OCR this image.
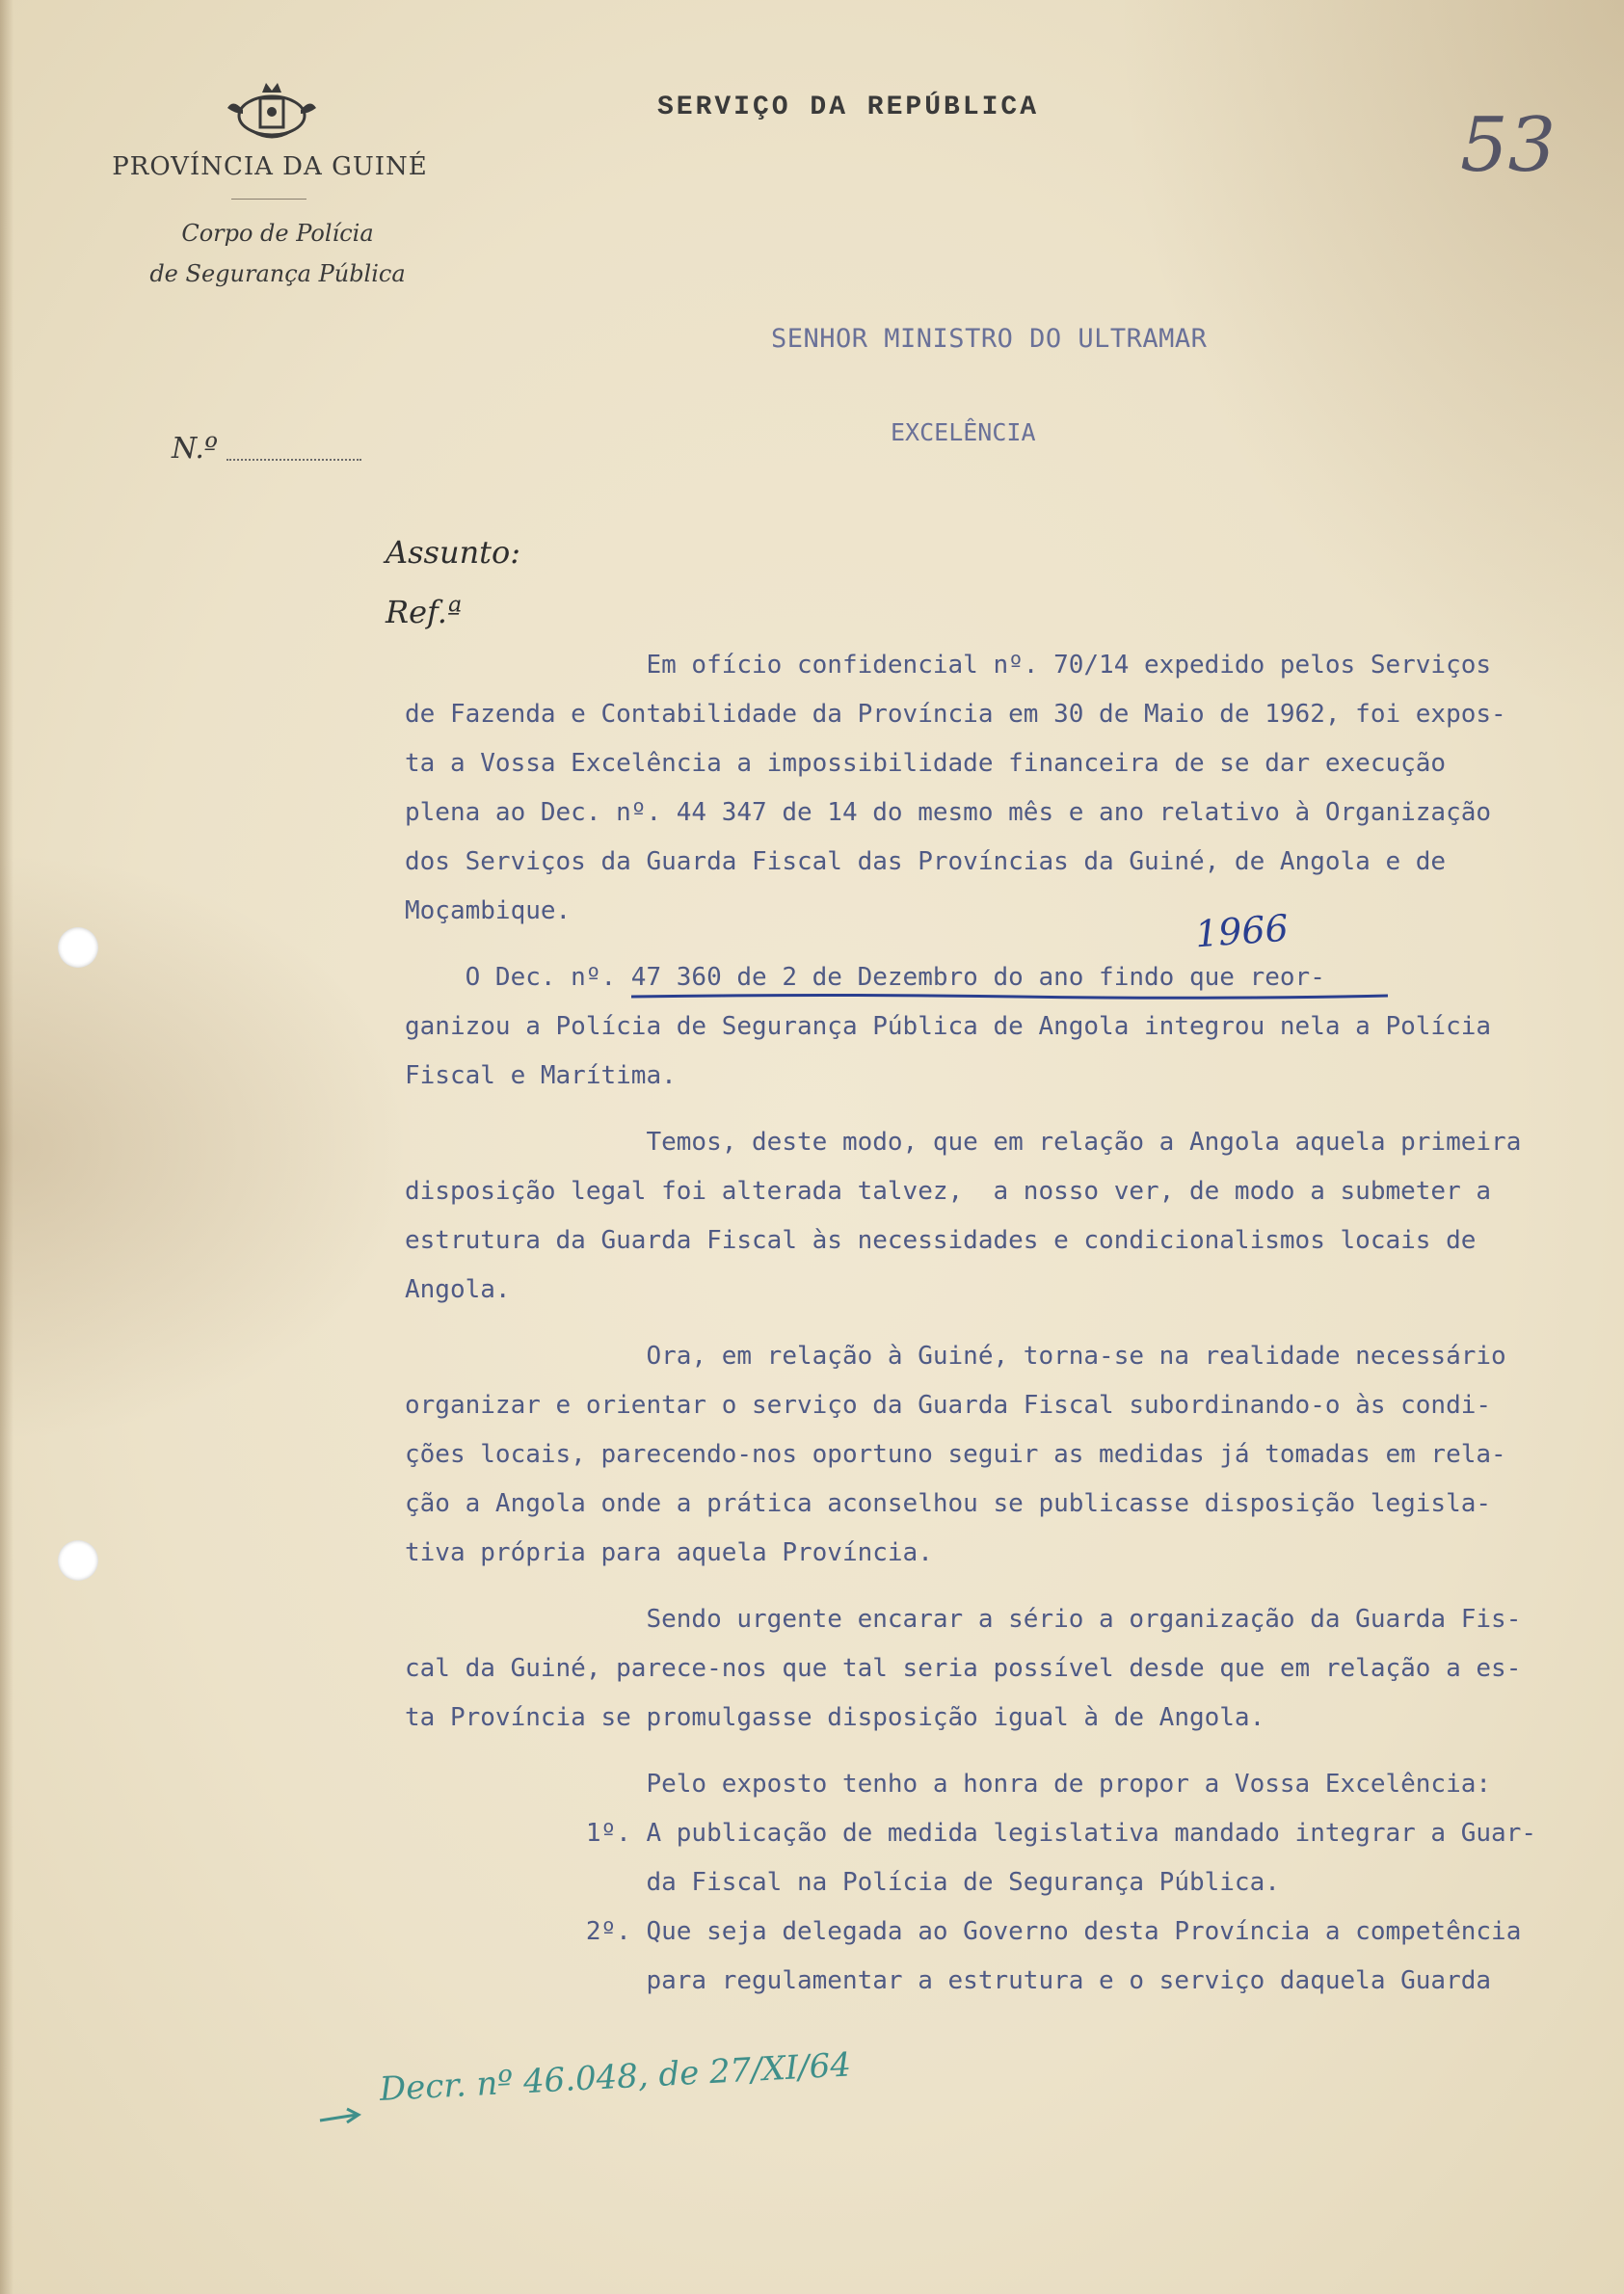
PROVÍNCIA DA GUINÉ
Corpo de Polícia
de Segurança Pública
SERVIÇO DA REPÚBLICA	53
SENHOR MINISTRO DO ULTRAMAR
EXCELÊNCIA
N.º
Assunto:
Ref.ª
1966
Em ofício confidencial nº. 70/14 expedido pelos Serviços
de Fazenda e Contabilidade da Província em 30 de Maio de 1962, foi expos-
ta a Vossa Excelência a impossibilidade financeira de se dar execução
plena ao Dec. nº. 44 347 de 14 do mesmo mês e ano relativo à Organização
dos Serviços da Guarda Fiscal das Províncias da Guiné, de Angola e de
Moçambique.
O Dec. nº. 47 360 de 2 de Dezembro do ano findo que reor-
ganizou a Polícia de Segurança Pública de Angola integrou nela a Polícia
Fiscal e Marítima.
Temos, deste modo, que em relação a Angola aquela primeira
disposição legal foi alterada talvez,  a nosso ver, de modo a submeter a
estrutura da Guarda Fiscal às necessidades e condicionalismos locais de
Angola.
Ora, em relação à Guiné, torna-se na realidade necessário
organizar e orientar o serviço da Guarda Fiscal subordinando-o às condi-
ções locais, parecendo-nos oportuno seguir as medidas já tomadas em rela-
ção a Angola onde a prática aconselhou se publicasse disposição legisla-
tiva própria para aquela Província.
Sendo urgente encarar a sério a organização da Guarda Fis-
cal da Guiné, parece-nos que tal seria possível desde que em relação a es-
ta Província se promulgasse disposição igual à de Angola.
Pelo exposto tenho a honra de propor a Vossa Excelência:
1º. A publicação de medida legislativa mandado integrar a Guar-
da Fiscal na Polícia de Segurança Pública.
2º. Que seja delegada ao Governo desta Província a competência
para regulamentar a estrutura e o serviço daquela Guarda
Decr. nº 46.048, de 27/XI/64
